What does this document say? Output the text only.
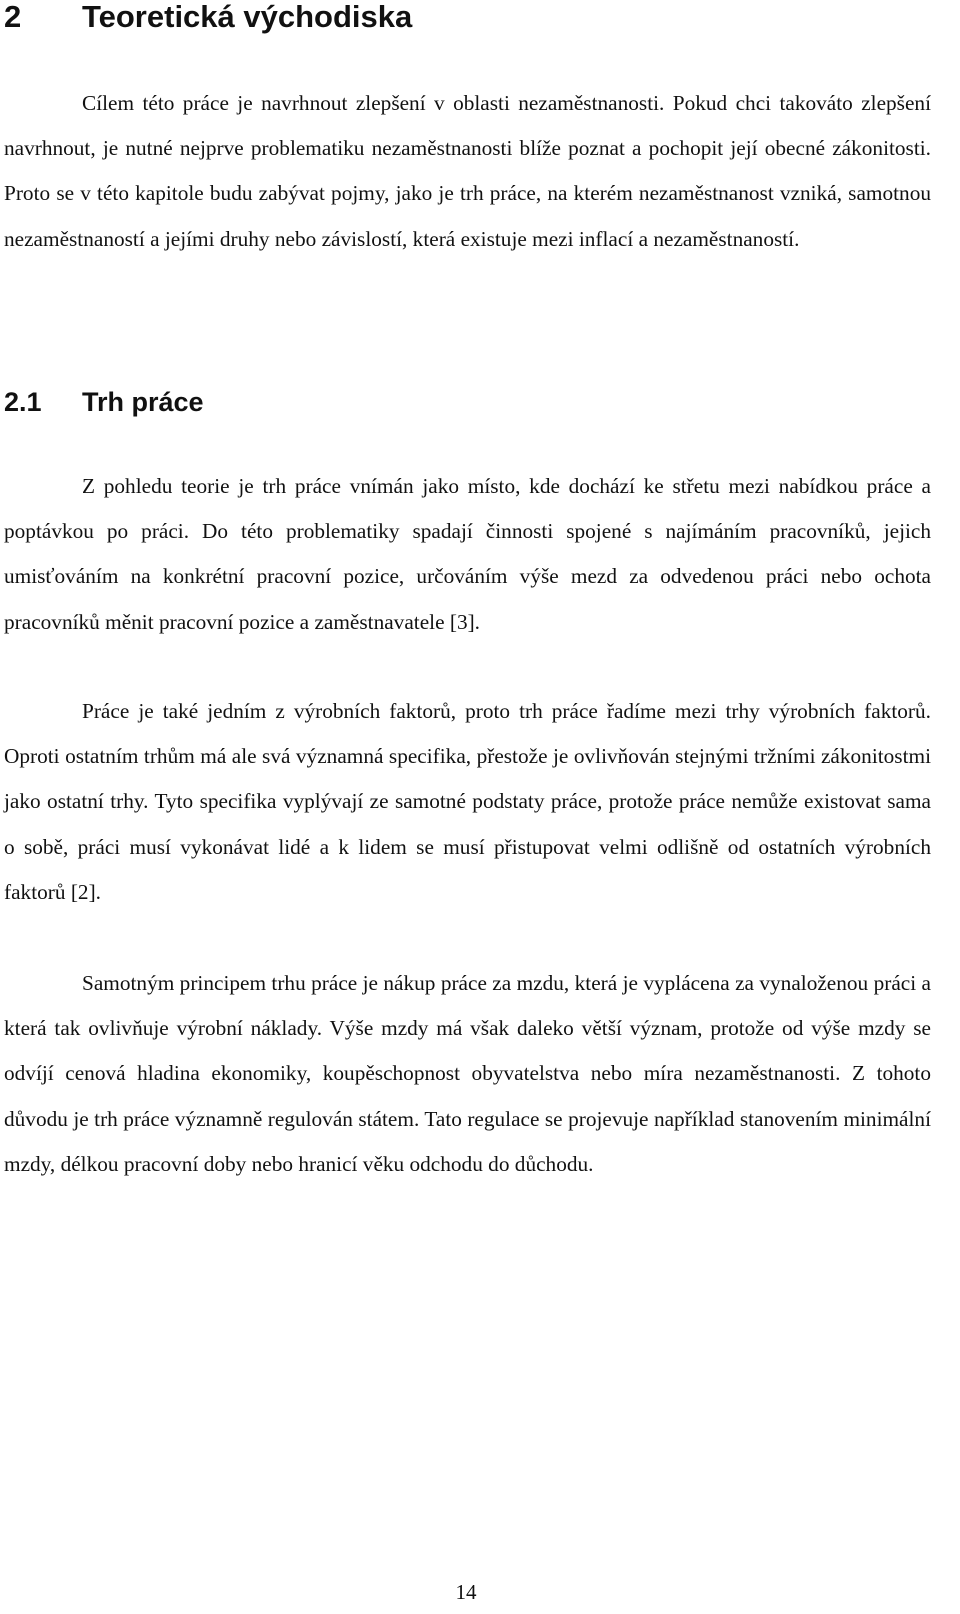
2 Teoretická východiska

Cílem této práce je navrhnout zlepšení v oblasti nezaměstnanosti. Pokud chci takováto zlepšení navrhnout, je nutné nejprve problematiku nezaměstnanosti blíže poznat a pochopit její obecné zákonitosti. Proto se v této kapitole budu zabývat pojmy, jako je trh práce, na kterém nezaměstnanost vzniká, samotnou nezaměstnaností a jejími druhy nebo závislostí, která existuje mezi inflací a nezaměstnaností.

2.1 Trh práce

Z pohledu teorie je trh práce vnímán jako místo, kde dochází ke střetu mezi nabídkou práce a poptávkou po práci. Do této problematiky spadají činnosti spojené s najímáním pracovníků, jejich umisťováním na konkrétní pracovní pozice, určováním výše mezd za odvedenou práci nebo ochota pracovníků měnit pracovní pozice a zaměstnavatele [3].

Práce je také jedním z výrobních faktorů, proto trh práce řadíme mezi trhy výrobních faktorů. Oproti ostatním trhům má ale svá významná specifika, přestože je ovlivňován stejnými tržními zákonitostmi jako ostatní trhy. Tyto specifika vyplývají ze samotné podstaty práce, protože práce nemůže existovat sama o sobě, práci musí vykonávat lidé a k lidem se musí přistupovat velmi odlišně od ostatních výrobních faktorů [2].

Samotným principem trhu práce je nákup práce za mzdu, která je vyplácena za vynaloženou práci a která tak ovlivňuje výrobní náklady. Výše mzdy má však daleko větší význam, protože od výše mzdy se odvíjí cenová hladina ekonomiky, koupěschopnost obyvatelstva nebo míra nezaměstnanosti. Z tohoto důvodu je trh práce významně regulován státem. Tato regulace se projevuje například stanovením minimální mzdy, délkou pracovní doby nebo hranicí věku odchodu do důchodu.

14
